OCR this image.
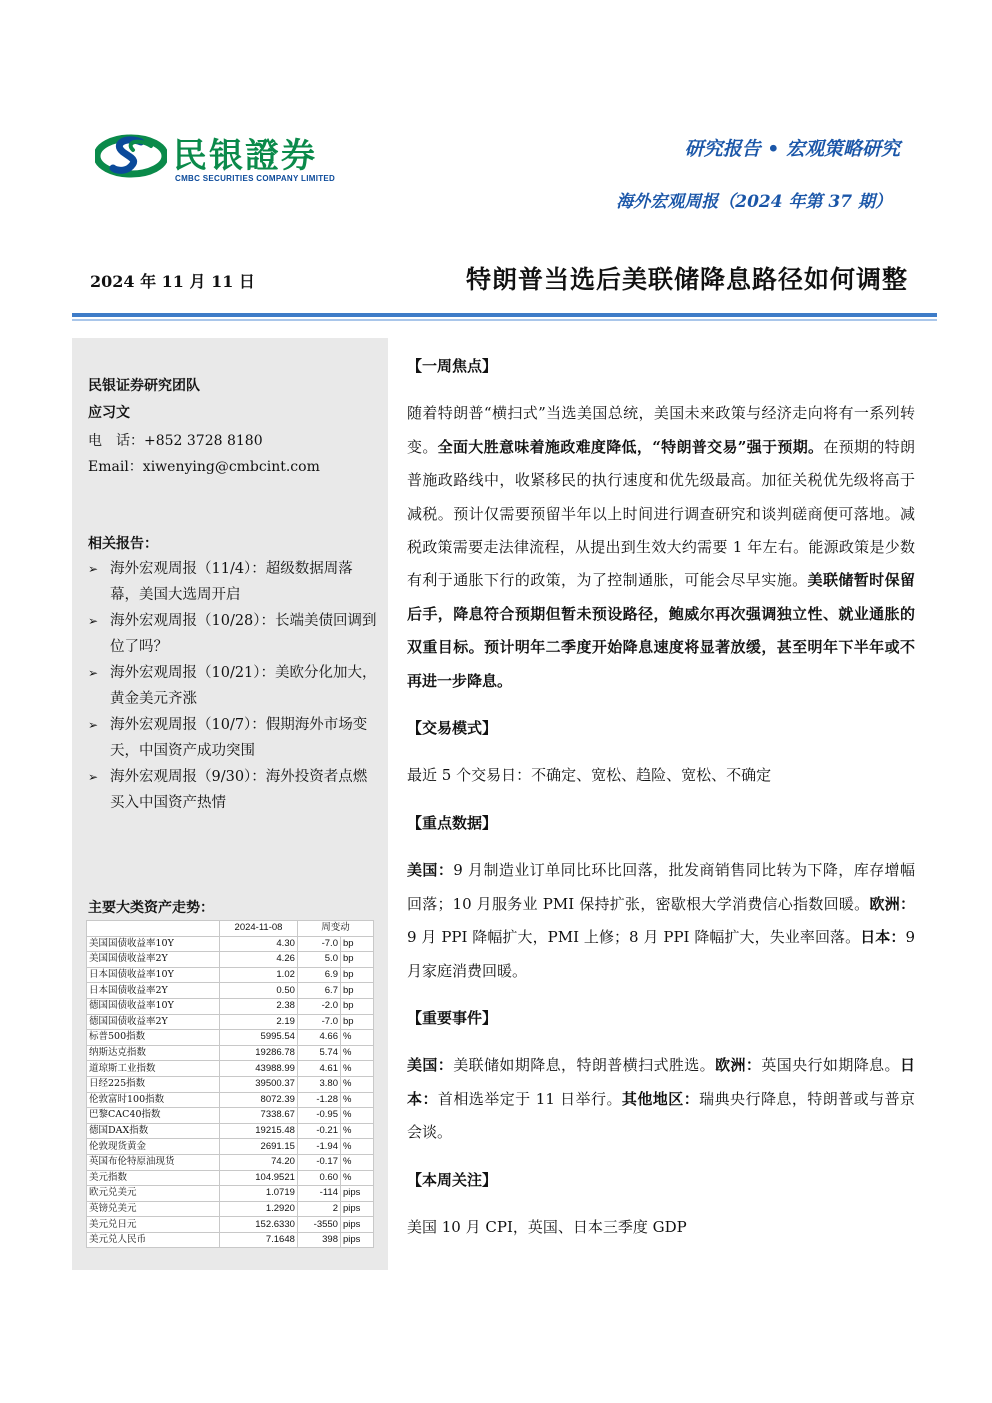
民银證券
CMBC SECURITIES COMPANY LIMITED
研究报告 • 宏观策略研究
海外宏观周报（2024 年第 37 期）
2024 年 11 月 11 日	特朗普当选后美联储降息路径如何调整
民银证券研究团队
应习文
电　话：+852 3728 8180
Email：xiwenying@cmbcint.com
相关报告：
➢ 海外宏观周报（11/4）：超级数据周落幕，美国大选周开启
➢ 海外宏观周报（10/28）：长端美债回调到位了吗？
➢ 海外宏观周报（10/21）：美欧分化加大，黄金美元齐涨
➢ 海外宏观周报（10/7）：假期海外市场变天，中国资产成功突围
➢ 海外宏观周报（9/30）：海外投资者点燃买入中国资产热情
主要大类资产走势：
	2024-11-08	周变动	
美国国债收益率10Y	4.30	-7.0	bp
美国国债收益率2Y	4.26	5.0	bp
日本国债收益率10Y	1.02	6.9	bp
日本国债收益率2Y	0.50	6.7	bp
德国国债收益率10Y	2.38	-2.0	bp
德国国债收益率2Y	2.19	-7.0	bp
标普500指数	5995.54	4.66	%
纳斯达克指数	19286.78	5.74	%
道琼斯工业指数	43988.99	4.61	%
日经225指数	39500.37	3.80	%
伦敦富时100指数	8072.39	-1.28	%
巴黎CAC40指数	7338.67	-0.95	%
德国DAX指数	19215.48	-0.21	%
伦敦现货黄金	2691.15	-1.94	%
英国布伦特原油现货	74.20	-0.17	%
美元指数	104.9521	0.60	%
欧元兑美元	1.0719	-114	pips
英镑兑美元	1.2920	2	pips
美元兑日元	152.6330	-3550	pips
美元兑人民币	7.1648	398	pips

【一周焦点】

随着特朗普“横扫式”当选美国总统，美国未来政策与经济走向将有一系列转变。全面大胜意味着施政难度降低，“特朗普交易”强于预期。在预期的特朗普施政路线中，收紧移民的执行速度和优先级最高。加征关税优先级将高于减税。预计仅需要预留半年以上时间进行调查研究和谈判磋商便可落地。减税政策需要走法律流程，从提出到生效大约需要 1 年左右。能源政策是少数有利于通胀下行的政策，为了控制通胀，可能会尽早实施。美联储暂时保留后手，降息符合预期但暂未预设路径，鲍威尔再次强调独立性、就业通胀的双重目标。预计明年二季度开始降息速度将显著放缓，甚至明年下半年或不再进一步降息。

【交易模式】

最近 5 个交易日：不确定、宽松、趋险、宽松、不确定

【重点数据】

美国：9 月制造业订单同比环比回落，批发商销售同比转为下降，库存增幅回落；10 月服务业 PMI 保持扩张，密歇根大学消费信心指数回暖。欧洲：9 月 PPI 降幅扩大，PMI 上修；8 月 PPI 降幅扩大，失业率回落。日本：9 月家庭消费回暖。

【重要事件】

美国：美联储如期降息，特朗普横扫式胜选。欧洲：英国央行如期降息。日本：首相选举定于 11 日举行。其他地区：瑞典央行降息，特朗普或与普京会谈。

【本周关注】

美国 10 月 CPI，英国、日本三季度 GDP
